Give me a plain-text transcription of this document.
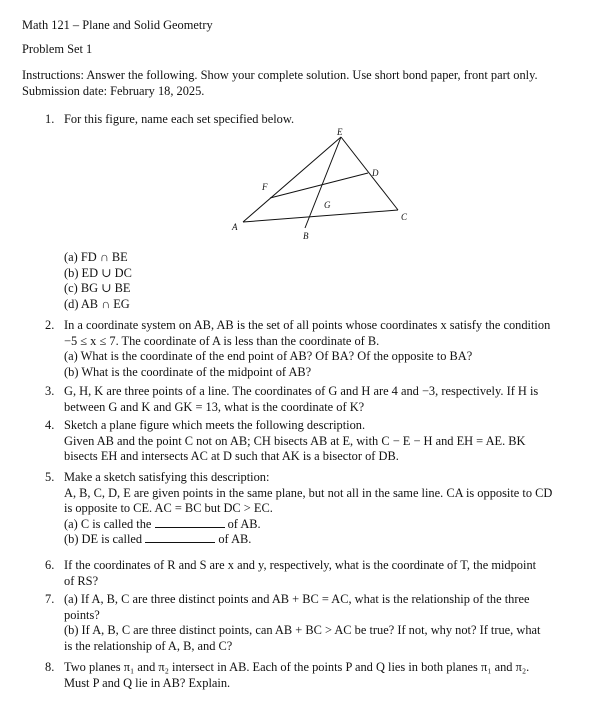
Math 121 – Plane and Solid Geometry
Problem Set 1
Instructions: Answer the following. Show your complete solution. Use short bond paper, front part only.
Submission date: February 18, 2025.
1. For this figure, name each set specified below.
E
D
F
G
A
B
C
(a) FD ∩ BE
(b) ED ∪ DC
(c) BG ∪ BE
(d) AB ∩ EG
2. In a coordinate system on AB, AB is the set of all points whose coordinates x satisfy the condition
−5 ≤ x ≤ 7. The coordinate of A is less than the coordinate of B.
(a) What is the coordinate of the end point of AB? Of BA? Of the opposite to BA?
(b) What is the coordinate of the midpoint of AB?
3. G, H, K are three points of a line. The coordinates of G and H are 4 and −3, respectively. If H is
between G and K and GK = 13, what is the coordinate of K?
4. Sketch a plane figure which meets the following description.
Given AB and the point C not on AB; CH bisects AB at E, with C − E − H and EH = AE. BK
bisects EH and intersects AC at D such that AK is a bisector of DB.
5. Make a sketch satisfying this description:
A, B, C, D, E are given points in the same plane, but not all in the same line. CA is opposite to CD
is opposite to CE. AC = BC but DC > EC.
(a) C is called the	of AB.
(b) DE is called	of AB.
6. If the coordinates of R and S are x and y, respectively, what is the coordinate of T, the midpoint
of RS?
7. (a) If A, B, C are three distinct points and AB + BC = AC, what is the relationship of the three
points?
(b) If A, B, C are three distinct points, can AB + BC > AC be true? If not, why not? If true, what
is the relationship of A, B, and C?
8. Two planes π₁ and π₂ intersect in AB. Each of the points P and Q lies in both planes π₁ and π₂.
Must P and Q lie in AB? Explain.
